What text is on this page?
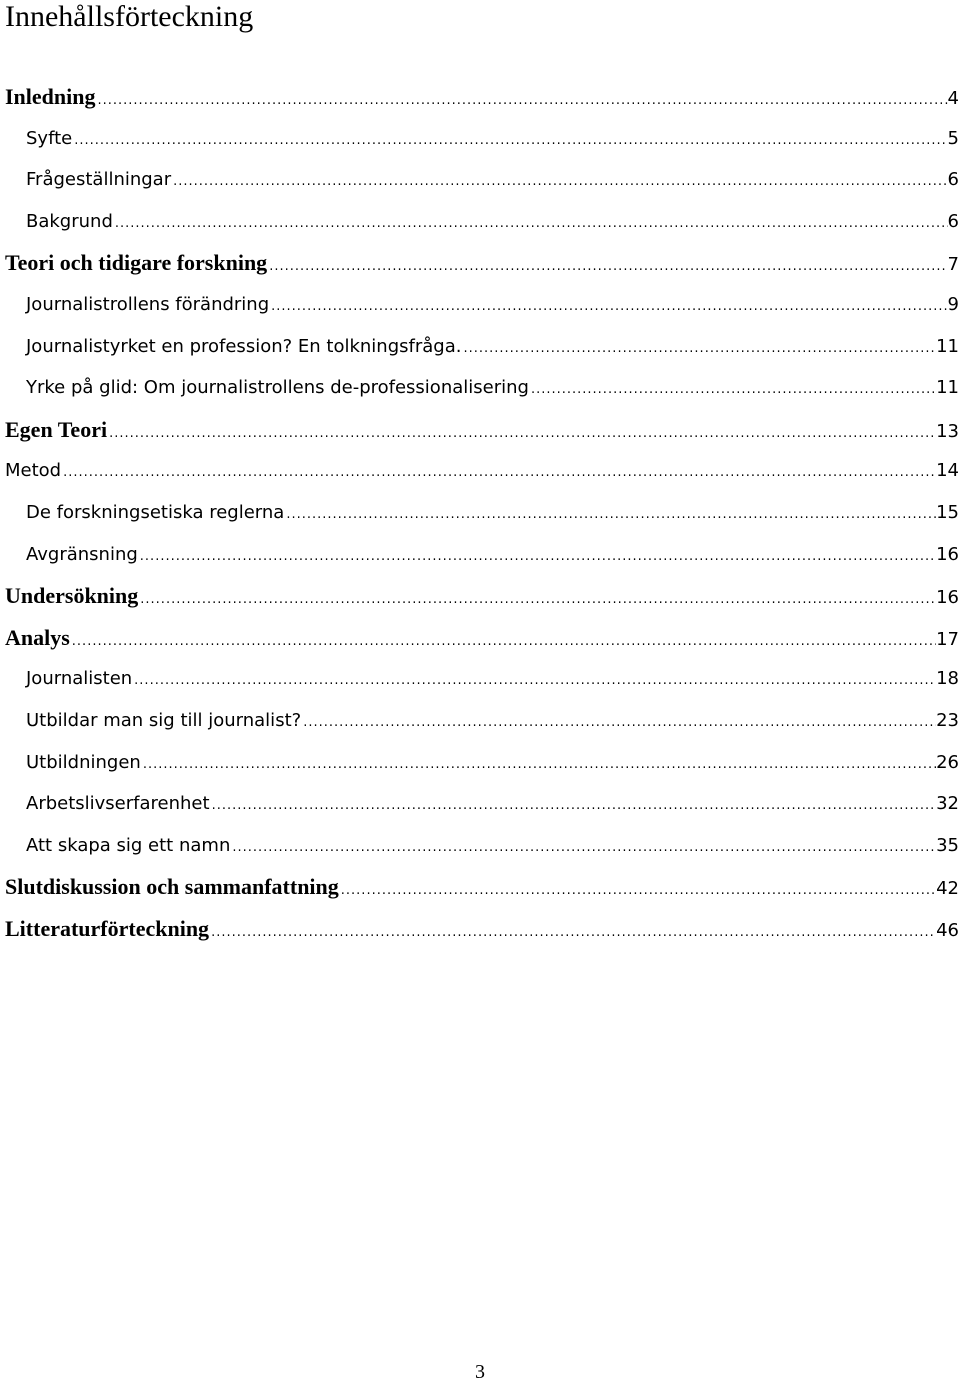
Innehållsförteckning
Inledning .....	4
Syfte .....	5
Frågeställningar .....	6
Bakgrund .....	6
Teori och tidigare forskning .....	7
Journalistrollens förändring .....	9
Journalistyrket en profession? En tolkningsfråga. .....	11
Yrke på glid: Om journalistrollens de-professionalisering .....	11
Egen Teori .....	13
Metod .....	14
De forskningsetiska reglerna .....	15
Avgränsning .....	16
Undersökning .....	16
Analys .....	17
Journalisten .....	18
Utbildar man sig till journalist? .....	23
Utbildningen .....	26
Arbetslivserfarenhet .....	32
Att skapa sig ett namn .....	35
Slutdiskussion och sammanfattning .....	42
Litteraturförteckning .....	46
3
